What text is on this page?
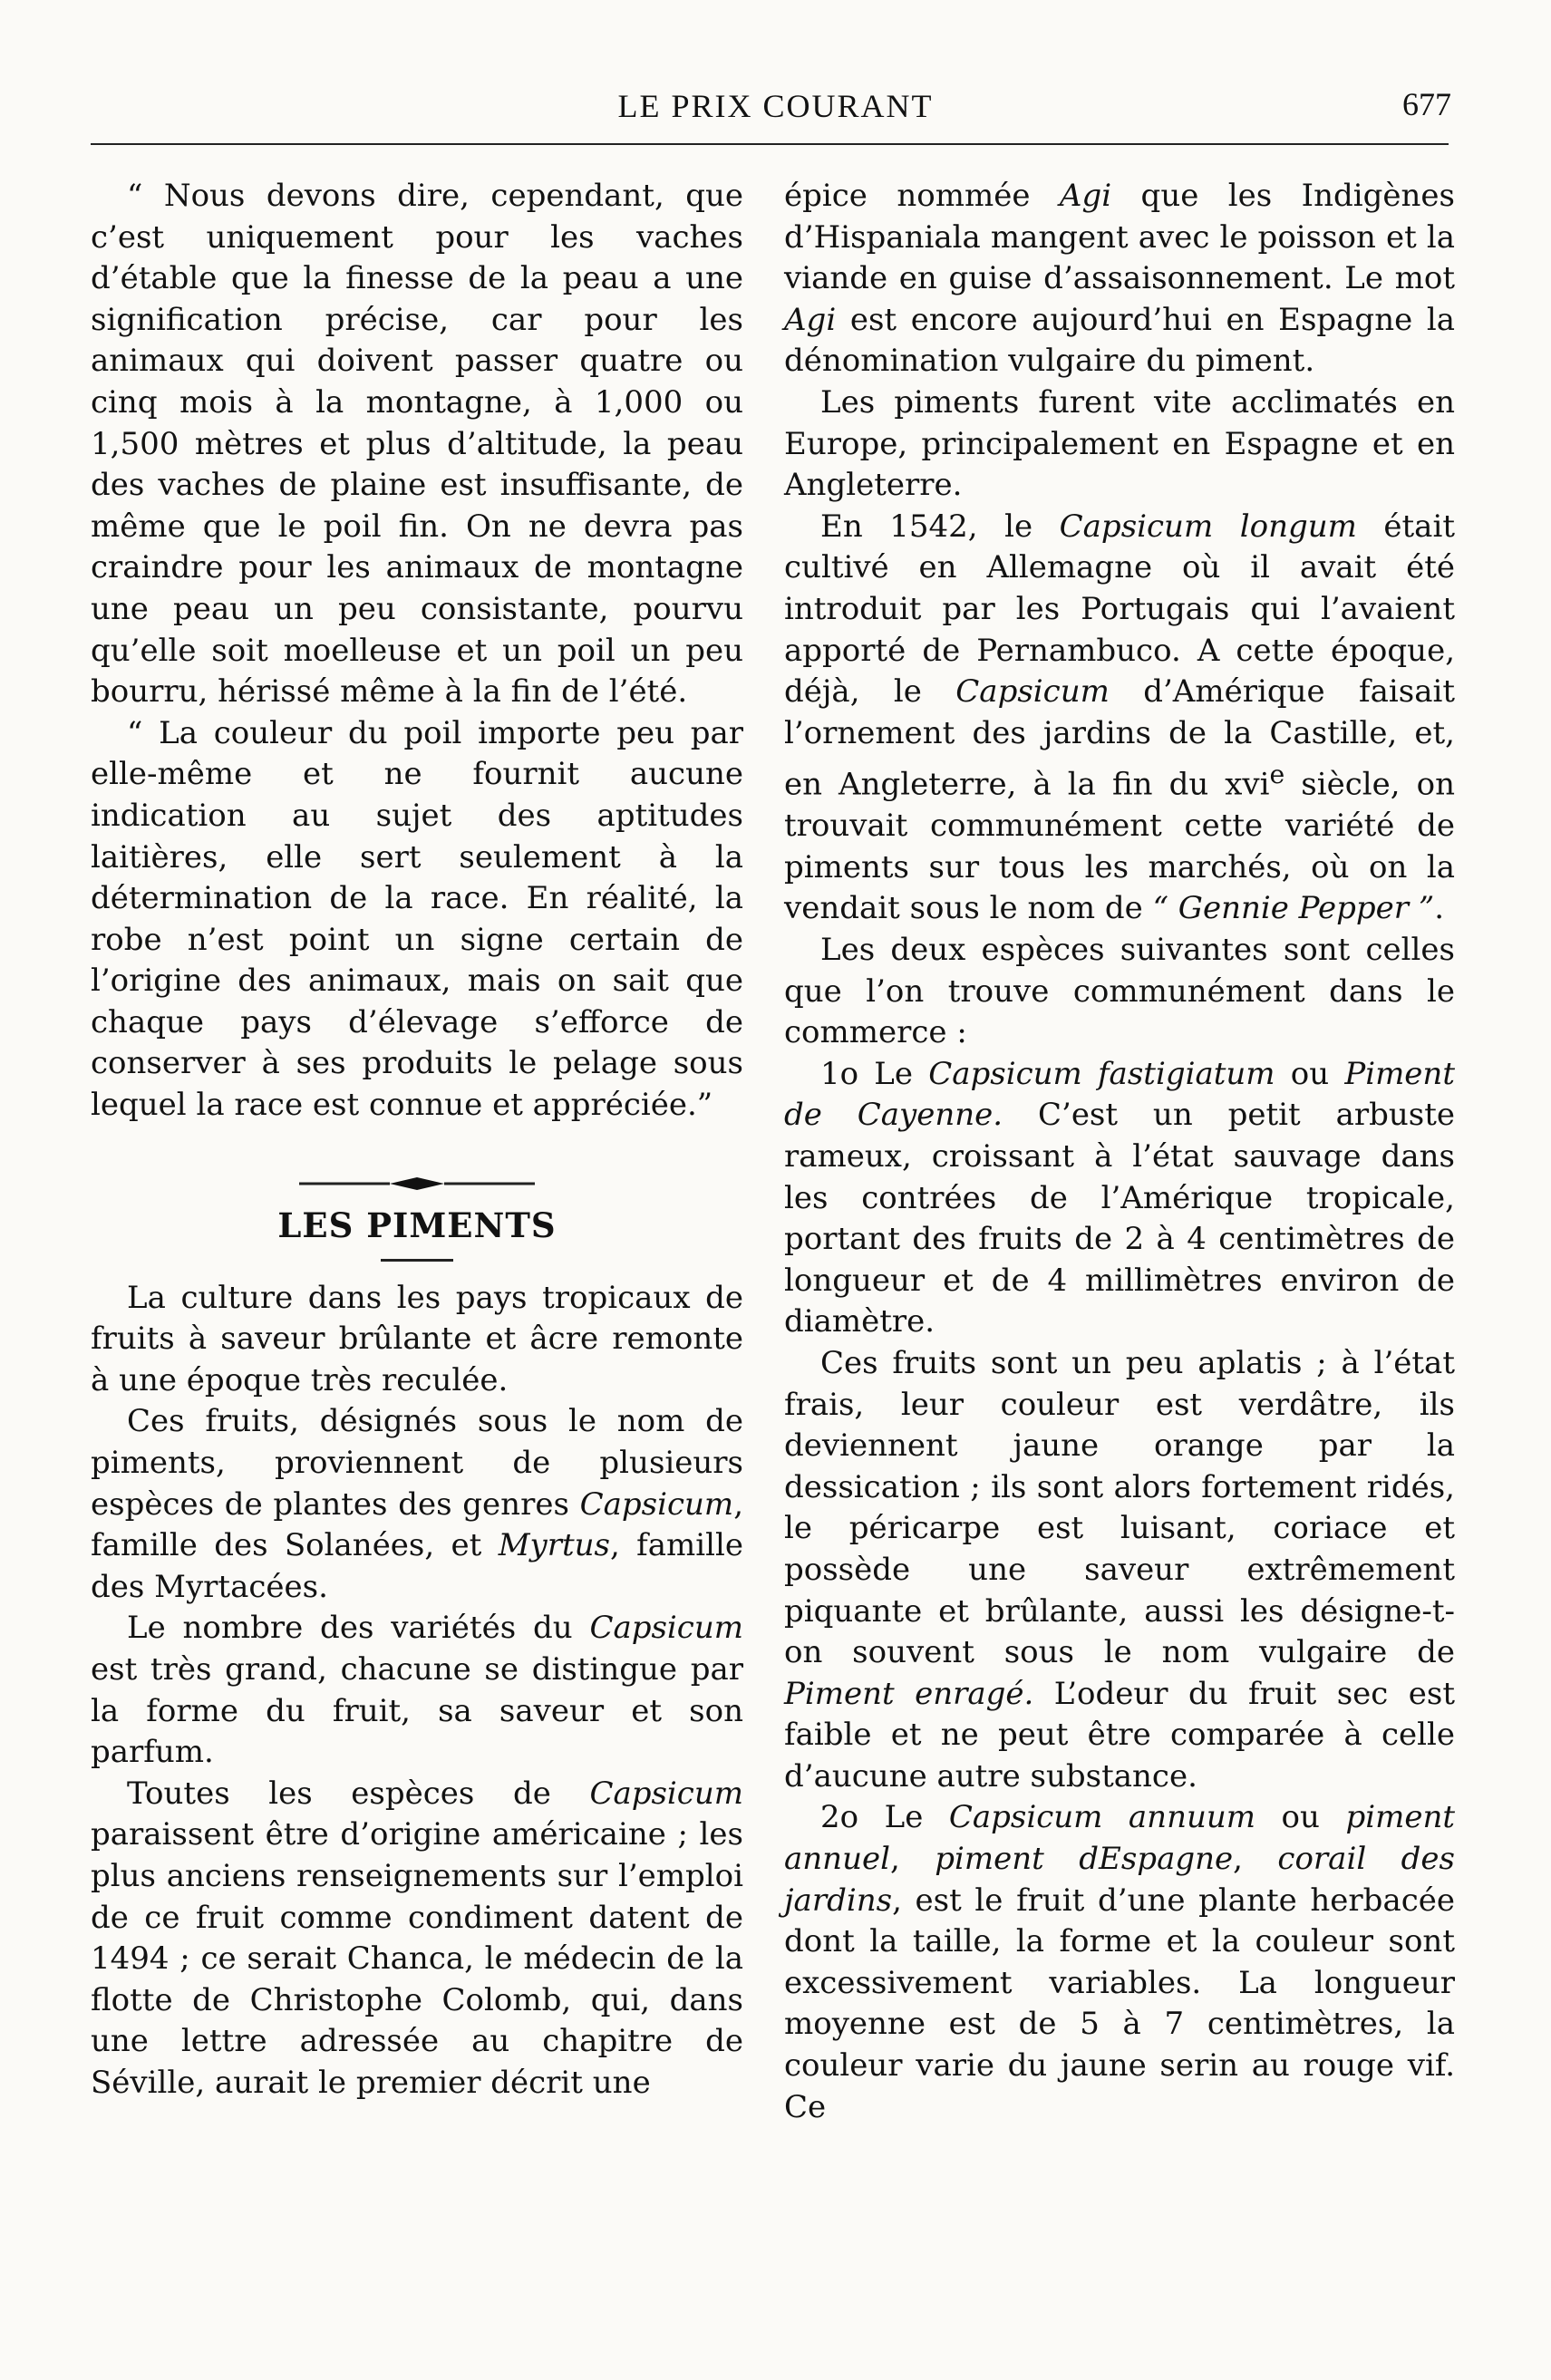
LE PRIX COURANT	677

“ Nous devons dire, cependant, que c’est uniquement pour les vaches d’étable que la finesse de la peau a une signification précise, car pour les animaux qui doivent passer quatre ou cinq mois à la montagne, à 1,000 ou 1,500 mètres et plus d’altitude, la peau des vaches de plaine est insuffisante, de même que le poil fin. On ne devra pas craindre pour les animaux de montagne une peau un peu consistante, pourvu qu’elle soit moelleuse et un poil un peu bourru, hérissé même à la fin de l’été.

“ La couleur du poil importe peu par elle-même et ne fournit aucune indication au sujet des aptitudes laitières, elle sert seulement à la détermination de la race. En réalité, la robe n’est point un signe certain de l’origine des animaux, mais on sait que chaque pays d’élevage s’efforce de conserver à ses produits le pelage sous lequel la race est connue et appréciée.”

LES PIMENTS

La culture dans les pays tropicaux de fruits à saveur brûlante et âcre remonte à une époque très reculée.

Ces fruits, désignés sous le nom de piments, proviennent de plusieurs espèces de plantes des genres Capsicum, famille des Solanées, et Myrtus, famille des Myrtacées.

Le nombre des variétés du Capsicum est très grand, chacune se distingue par la forme du fruit, sa saveur et son parfum.

Toutes les espèces de Capsicum paraissent être d’origine américaine ; les plus anciens renseignements sur l’emploi de ce fruit comme condiment datent de 1494 ; ce serait Chanca, le médecin de la flotte de Christophe Colomb, qui, dans une lettre adressée au chapitre de Séville, aurait le premier décrit une

épice nommée Agi que les Indigènes d’Hispaniala mangent avec le poisson et la viande en guise d’assaisonnement. Le mot Agi est encore aujourd’hui en Espagne la dénomination vulgaire du piment.

Les piments furent vite acclimatés en Europe, principalement en Espagne et en Angleterre.

En 1542, le Capsicum longum était cultivé en Allemagne où il avait été introduit par les Portugais qui l’avaient apporté de Pernambuco. A cette époque, déjà, le Capsicum d’Amérique faisait l’ornement des jardins de la Castille, et, en Angleterre, à la fin du xvi$^e$ siècle, on trouvait communément cette variété de piments sur tous les marchés, où on la vendait sous le nom de “ Gennie Pepper ”.

Les deux espèces suivantes sont celles que l’on trouve communément dans le commerce :

1o Le Capsicum fastigiatum ou Piment de Cayenne. C’est un petit arbuste rameux, croissant à l’état sauvage dans les contrées de l’Amérique tropicale, portant des fruits de 2 à 4 centimètres de longueur et de 4 millimètres environ de diamètre.

Ces fruits sont un peu aplatis ; à l’état frais, leur couleur est verdâtre, ils deviennent jaune orange par la dessication ; ils sont alors fortement ridés, le péricarpe est luisant, coriace et possède une saveur extrêmement piquante et brûlante, aussi les désigne-t-on souvent sous le nom vulgaire de Piment enragé. L’odeur du fruit sec est faible et ne peut être comparée à celle d’aucune autre substance.

2o Le Capsicum annuum ou piment annuel, piment dEspagne, corail des jardins, est le fruit d’une plante herbacée dont la taille, la forme et la couleur sont excessivement variables. La longueur moyenne est de 5 à 7 centimètres, la couleur varie du jaune serin au rouge vif. Ce
